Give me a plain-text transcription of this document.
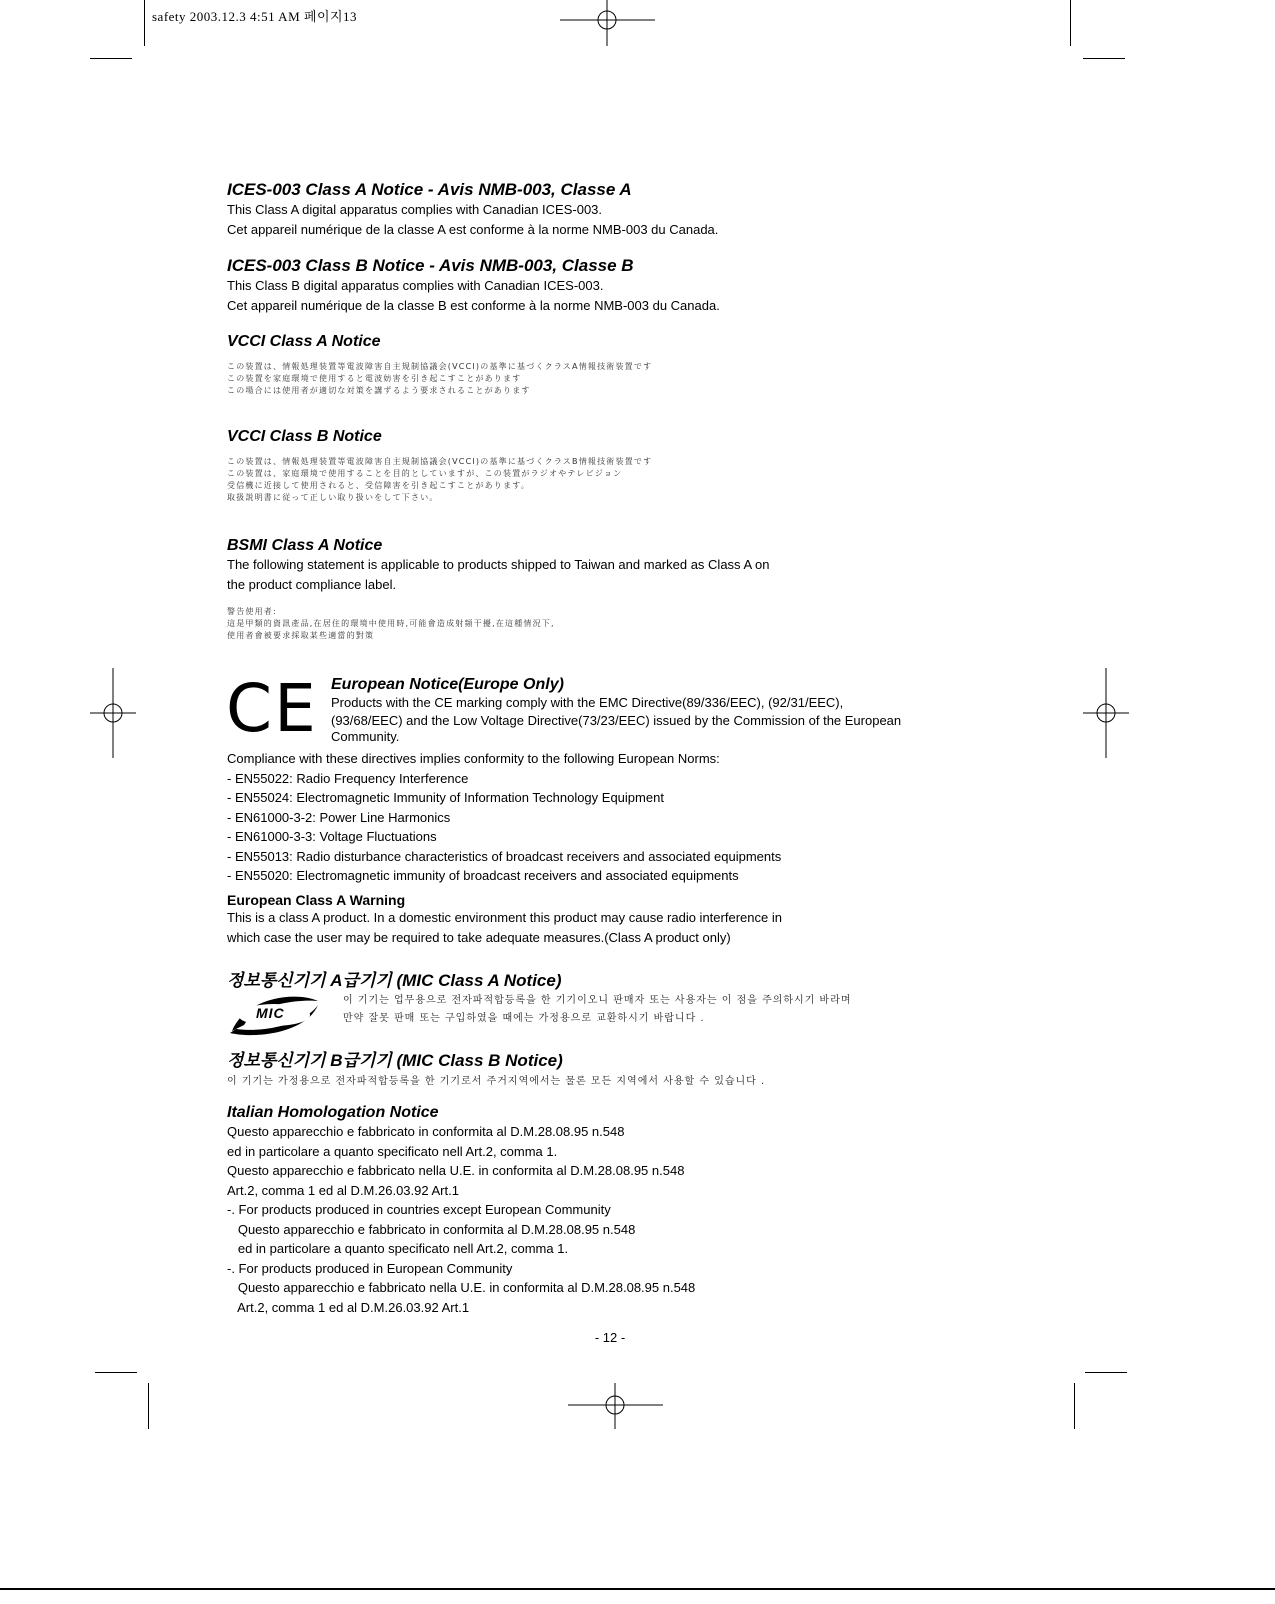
safety 2003.12.3 4:51 AM 페이지13

ICES-003 Class A Notice - Avis NMB-003, Classe A

This Class A digital apparatus complies with Canadian ICES-003.

Cet appareil numérique de la classe A est conforme à la norme NMB-003 du Canada.

ICES-003 Class B Notice - Avis NMB-003, Classe B

This Class B digital apparatus complies with Canadian ICES-003.

Cet appareil numérique de la classe B est conforme à la norme NMB-003 du Canada.

VCCI Class A Notice

この装置は、情報処理装置等電波障害自主規制協議会(VCCI)の基準に基づくクラスA情報技術装置です

この装置を家庭環境で使用すると電波妨害を引き起こすことがあります

この場合には使用者が適切な対策を講ずるよう要求されることがあります

VCCI Class B Notice

この装置は、情報処理装置等電波障害自主規制協議会(VCCI)の基準に基づくクラスB情報技術装置です

この装置は、家庭環境で使用することを目的としていますが、この装置がラジオやテレビジョン

受信機に近接して使用されると、受信障害を引き起こすことがあります。

取扱説明書に従って正しい取り扱いをして下さい。

BSMI Class A Notice

The following statement is applicable to products shipped to Taiwan and marked as Class A on

the product compliance label.

警告使用者:

這是甲類的資訊產品,在居住的環境中使用時,可能會造成射頻干擾,在這種情況下,

使用者會被要求採取某些適當的對策

CE European Notice(Europe Only)

Products with the CE marking comply with the EMC Directive(89/336/EEC), (92/31/EEC),

(93/68/EEC) and the Low Voltage Directive(73/23/EEC) issued by the Commission of the European

Community.

Compliance with these directives implies conformity to the following European Norms:

- EN55022: Radio Frequency Interference

- EN55024: Electromagnetic Immunity of Information Technology Equipment

- EN61000-3-2: Power Line Harmonics

- EN61000-3-3: Voltage Fluctuations

- EN55013: Radio disturbance characteristics of broadcast receivers and associated equipments

- EN55020: Electromagnetic immunity of broadcast receivers and associated equipments

European Class A Warning

This is a class A product. In a domestic environment this product may cause radio interference in

which case the user may be required to take adequate measures.(Class A product only)

정보통신기기 A급기기 (MIC Class A Notice)

MIC

이 기기는 업무용으로 전자파적합등록을 한 기기이오니 판매자 또는 사용자는 이 점을 주의하시기 바라며

만약 잘못 판매 또는 구입하였을 때에는 가정용으로 교환하시기 바랍니다 .

정보통신기기 B급기기 (MIC Class B Notice)

이 기기는 가정용으로 전자파적합등록을 한 기기로서 주거지역에서는 물론 모든 지역에서 사용할 수 있습니다 .

Italian Homologation Notice

Questo apparecchio e fabbricato in conformita al D.M.28.08.95 n.548

ed in particolare a quanto specificato nell Art.2, comma 1.

Questo apparecchio e fabbricato nella U.E. in conformita al D.M.28.08.95 n.548

Art.2, comma 1 ed al D.M.26.03.92 Art.1

-. For products produced in countries except European Community

Questo apparecchio e fabbricato in conformita al D.M.28.08.95 n.548

ed in particolare a quanto specificato nell Art.2, comma 1.

-. For products produced in European Community

Questo apparecchio e fabbricato nella U.E. in conformita al D.M.28.08.95 n.548

Art.2, comma 1 ed al D.M.26.03.92 Art.1

- 12 -
